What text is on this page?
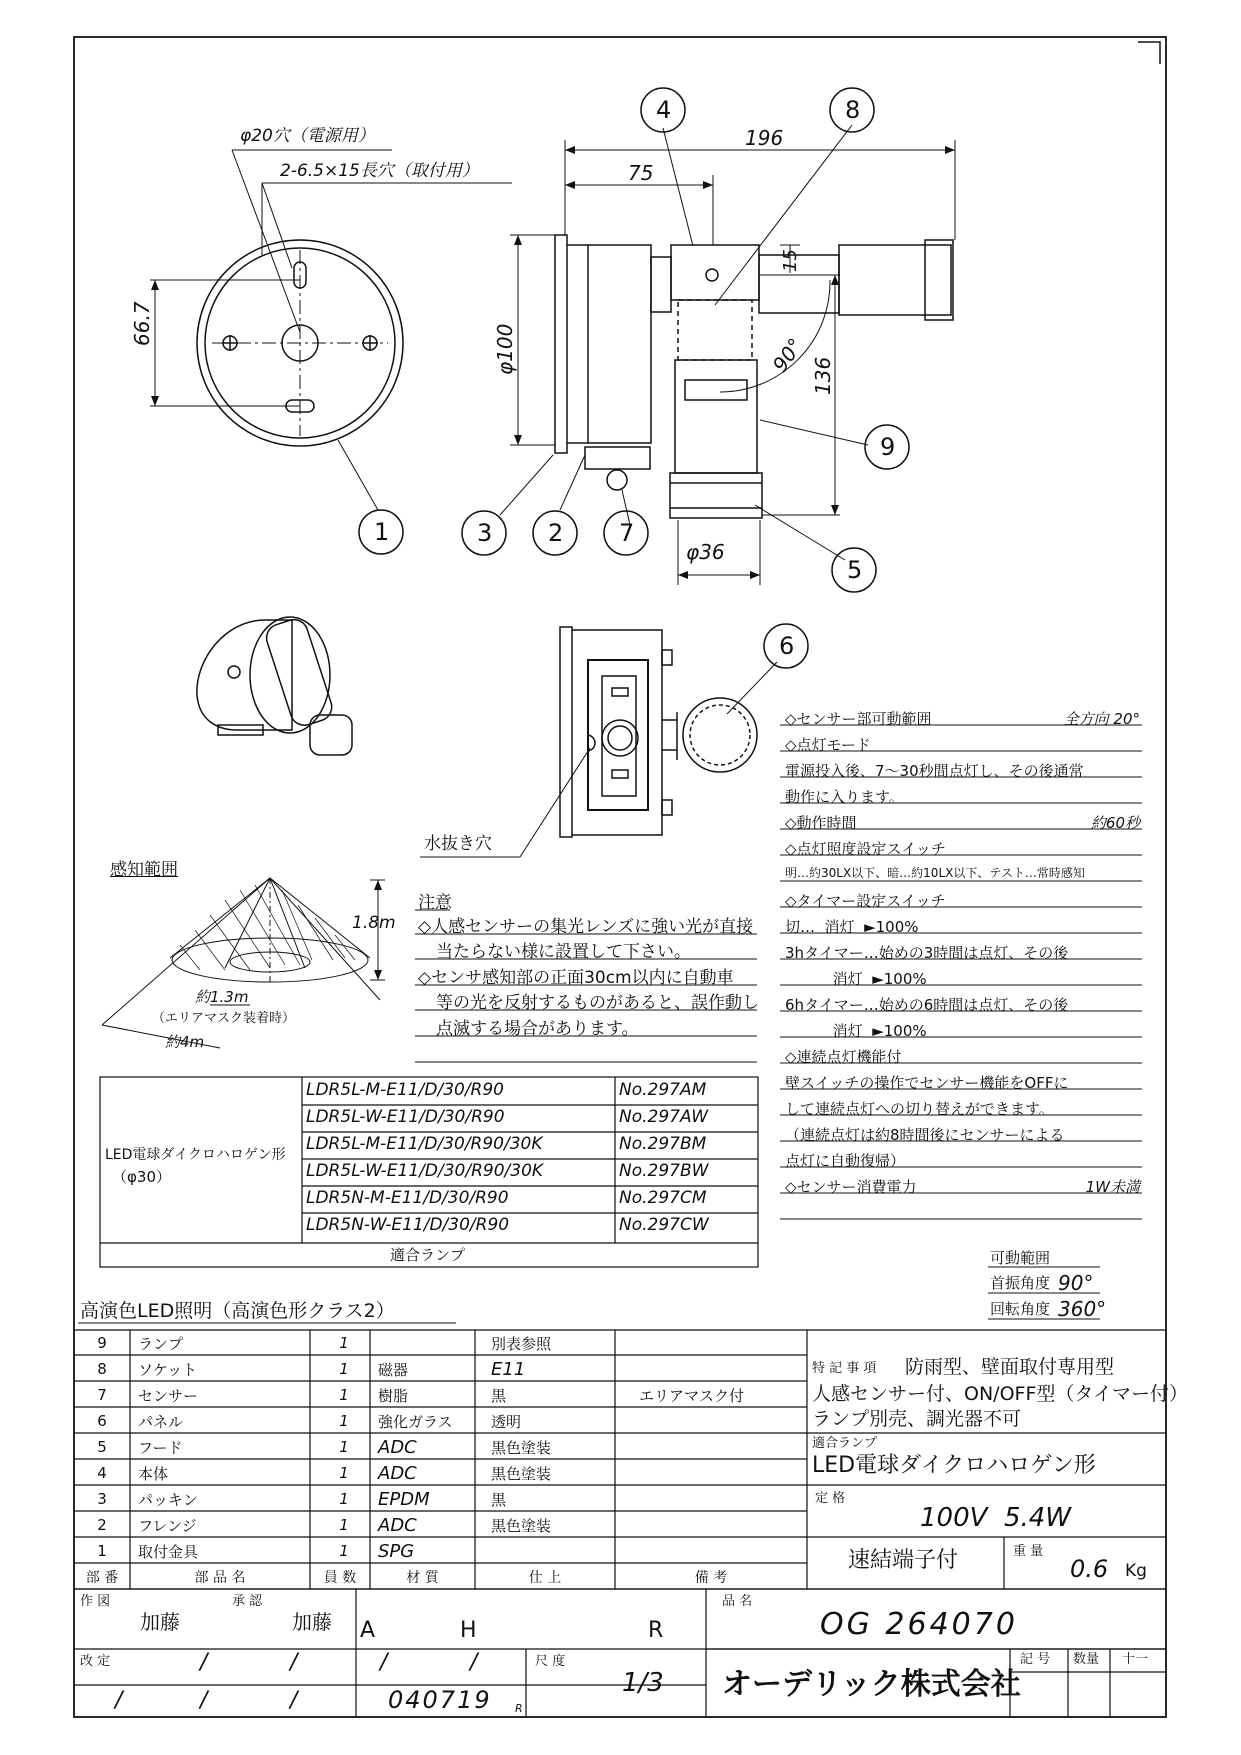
1	2
3
4
5
6
7
8
9
φ20穴（電源用）
2-6.5×15長穴（取付用）
66.7	φ100
196
75
15
136
90°
φ36
水抜き穴
感知範囲
1.8m
約1.3m
（エリアマスク装着時）
約4m
注意
◇人感センサーの集光レンズに強い光が直接
当たらない様に設置して下さい。
◇センサ感知部の正面30cm以内に自動車
等の光を反射するものがあると、誤作動し
点滅する場合があります。
◇センサー部可動範囲	全方向 20°
◇点灯モード
電源投入後、7～30秒間点灯し、その後通常
動作に入ります。
◇動作時間	約60秒
◇点灯照度設定スイッチ
明…約30LX以下、暗…約10LX以下、テスト…常時感知
◇タイマー設定スイッチ
切…  消灯  ►100%
3hタイマー…始めの3時間は点灯、その後
消灯  ►100%
6hタイマー…始めの6時間は点灯、その後
消灯  ►100%
◇連続点灯機能付
壁スイッチの操作でセンサー機能をOFFに
して連続点灯への切り替えができます。
（連続点灯は約8時間後にセンサーによる
点灯に自動復帰）
◇センサー消費電力	1W未満
LED電球ダイクロハロゲン形
（φ30）
LDR5L-M-E11/D/30/R90	No.297AM
LDR5L-W-E11/D/30/R90	No.297AW
LDR5L-M-E11/D/30/R90/30K	No.297BM
LDR5L-W-E11/D/30/R90/30K	No.297BW
LDR5N-M-E11/D/30/R90	No.297CM
LDR5N-W-E11/D/30/R90	No.297CW
適合ランプ	可動範囲
首振角度 90°
回転角度 360°
高演色LED照明（高演色形クラス2）
9	ランプ	1	別表参照
8	ソケット	1	磁器	E11
7	センサー	1	樹脂	黒	エリアマスク付
6	パネル	1	強化ガラス	透明
5	フード	1	ADC	黒色塗装
4	本体	1	ADC	黒色塗装
3	パッキン	1	EPDM	黒
2	フレンジ	1	ADC	黒色塗装
1	取付金具	1	SPG
部 番	部 品 名	員 数	材 質	仕 上	備 考
特 記 事 項 防雨型、壁面取付専用型
人感センサー付、ON/OFF型（タイマー付）
ランプ別売、調光器不可
適合ランプ
LED電球ダイクロハロゲン形
定 格
100V  5.4W
速結端子付	重 量
0.6 Kg
作 図
加藤
承 認
加藤 A	H	R
品 名
OG 264070
改 定	/	/	/	/
/	/	/	040719 R
尺 度
1/3 オーデリック株式会社
記 号 数量 十一
